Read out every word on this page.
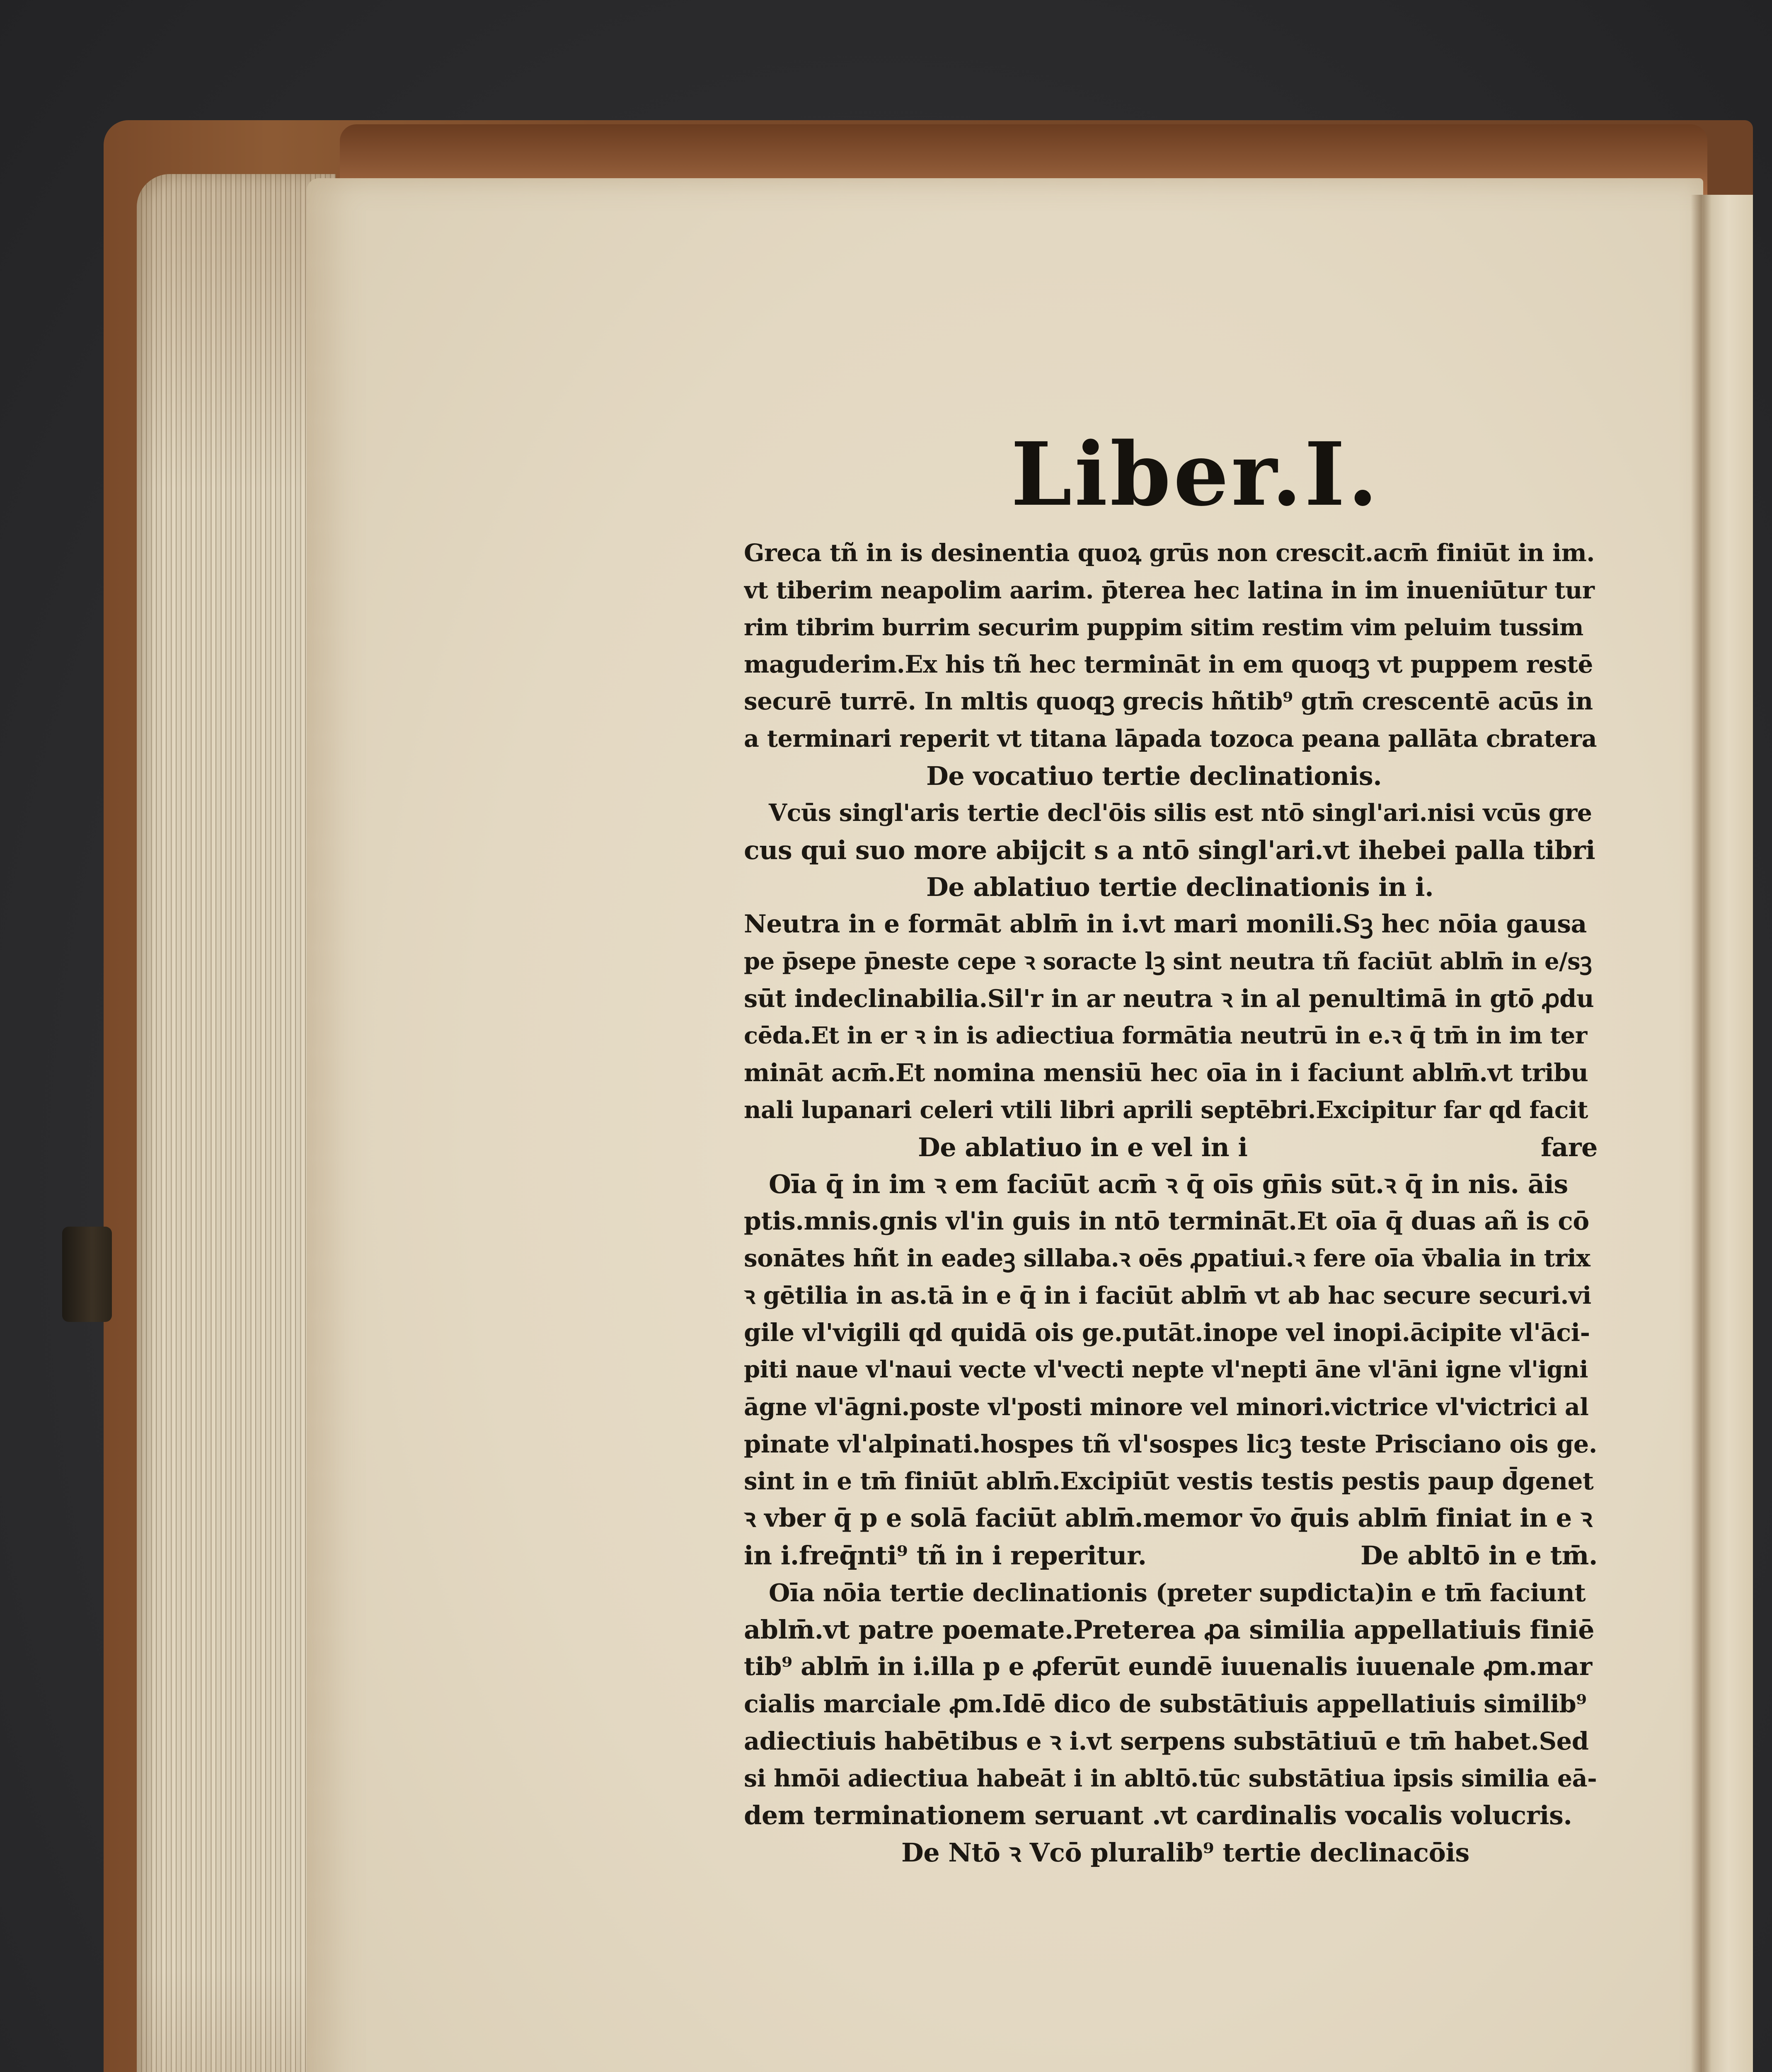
Liber.I.
Greca tñ in is desinentia quoꝝ grūs non crescit.acm̄ finiūt in im.
vt tiberim neapolim aarim. p̄terea hec latina in im inueniūtur tur
rim tibrim burrim securim puppim sitim restim vim peluim tussim
maguderim.Ex his tñ hec termināt in em quoqꝫ vt puppem restē
securē turrē. In mltis quoqꝫ grecis hñtib⁹ gtm̄ crescentē acūs in
a terminari reperit vt titana lāpada tozoca peana pallāta cbratera
De vocatiuo tertie declinationis.
Vcūs singl'aris tertie decl'ōis silis est ntō singl'ari.nisi vcūs gre
cus qui suo more abijcit s a ntō singl'ari.vt ihebei palla tibri
De ablatiuo tertie declinationis in i.
Neutra in e formāt ablm̄ in i.vt mari monili.Sꝫ hec nōia gausa
pe p̄sepe p̄neste cepe ꝛ soracte lꝫ sint neutra tñ faciūt ablm̄ in e/sꝫ
sūt indeclinabilia.Sil'r in ar neutra ꝛ in al penultimā in gtō ꝓdu
cēda.Et in er ꝛ in is adiectiua formātia neutrū in e.ꝛ q̄ tm̄ in im ter
mināt acm̄.Et nomina mensiū hec oīa in i faciunt ablm̄.vt tribu
nali lupanari celeri vtili libri aprili septēbri.Excipitur far qd facit
De ablatiuo in e vel in i	fare
Oīa q̄ in im ꝛ em faciūt acm̄ ꝛ q̄ oīs gn̄is sūt.ꝛ q̄ in nis. āis
ptis.mnis.gnis vl'in guis in ntō terminā̄t.Et oīa q̄ duas añ is cō
sonātes hñt in eadeꝫ sillaba.ꝛ oēs ꝓpatiui.ꝛ fere oīa v̄balia in trix
ꝛ gētilia in as.tā in e q̄ in i faciūt ablm̄ vt ab hac secure securi.vi
gile vl'vigili qd quidā ois ge.putāt.inope vel inopi.ācipite vl'āci-
piti naue vl'naui vecte vl'vecti nepte vl'nepti āne vl'āni igne vl'igni
āgne vl'āgni.poste vl'posti minore vel minori.victrice vl'victrici al
pinate vl'alpinati.hospes tñ vl'sospes licꝫ teste Prisciano ois ge.
sint in e tm̄ finiūt ablm̄.Excipiūt vestis testis pestis paup d̄genet
ꝛ vber q̄ p e solā faciūt ablm̄.memor v̄o q̄uis ablm̄ finiat in e ꝛ
in i.freq̄nti⁹ tñ in i reperitur.	De abltō in e tm̄.
Oīa nōia tertie declinationis (preter supdicta)in e tm̄ faciunt
ablm̄.vt patre poemate.Preterea ꝓa similia appellatiuis finiē
tib⁹ ablm̄ in i.illa p e ꝓferūt eundē iuuenalis iuuenale ꝓm.mar
cialis marciale ꝓm.Idē dico de substātiuis appellatiuis similib⁹
adiectiuis habētibus e ꝛ i.vt serpens substātiuū e tm̄ habet.Sed
si hmōi adiectiua habeāt i in abltō.tūc substātiua ipsis similia eā-
dem terminationem seruant .vt cardinalis vocalis volucris.
De Ntō ꝛ Vcō pluralib⁹ tertie declinacōis
